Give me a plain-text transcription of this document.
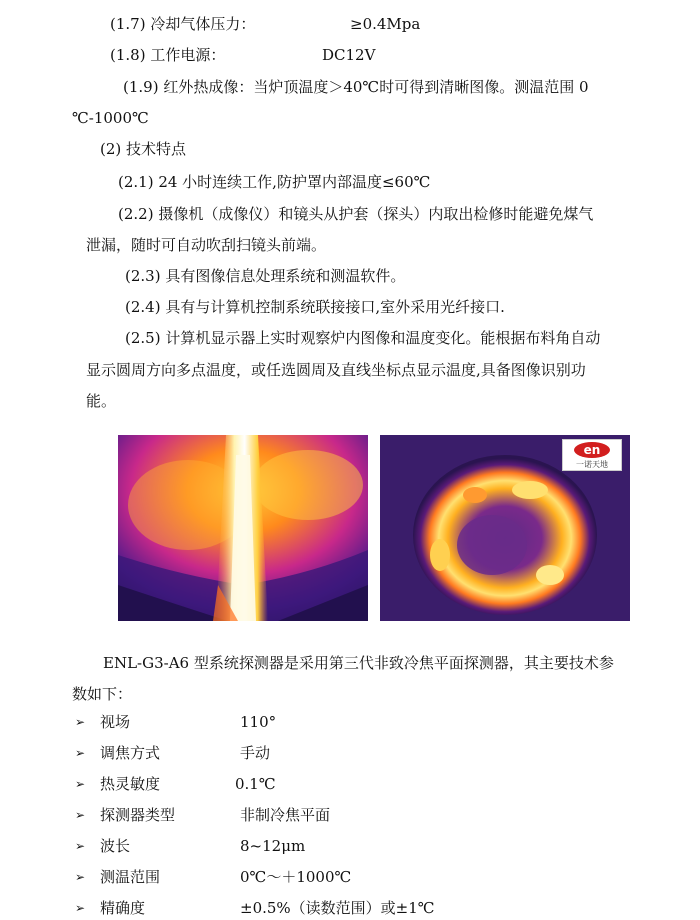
(1.7) 冷却气体压力：	≥0.4Mpa
(1.8) 工作电源：	DC12V
(1.9) 红外热成像：当炉顶温度＞40℃时可得到清晰图像。测温范围 0
℃-1000℃
(2) 技术特点
(2.1) 24 小时连续工作,防护罩内部温度≤60℃
(2.2) 摄像机（成像仪）和镜头从护套（探头）内取出检修时能避免煤气
泄漏，随时可自动吹刮扫镜头前端。
(2.3) 具有图像信息处理系统和测温软件。
(2.4) 具有与计算机控制系统联接接口,室外采用光纤接口.
(2.5) 计算机显示器上实时观察炉内图像和温度变化。能根据布料角自动
显示圆周方向多点温度，或任选圆周及直线坐标点显示温度,具备图像识别功
能。
en
一诺天地
ENL-G3-A6 型系统探测器是采用第三代非致冷焦平面探测器，其主要技术参
数如下：
➢ 视场	110°
➢ 调焦方式	手动
➢ 热灵敏度	0.1℃
➢ 探测器类型	非制冷焦平面
➢ 波长	8~12μm
➢ 测温范围	0℃～＋1000℃
➢ 精确度	±0.5%（读数范围）或±1℃
